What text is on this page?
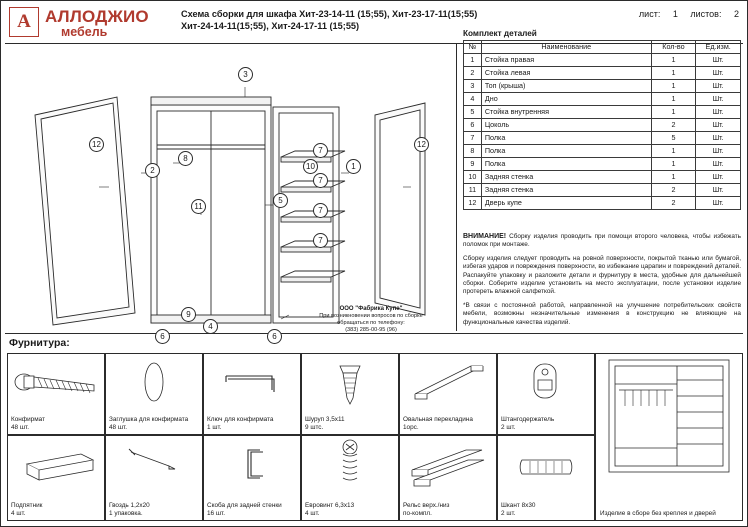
A АЛЛОДЖИО
мебель
Схема сборки для шкафа Хит-23-14-11 (15;55), Хит-23-17-11(15;55)
Хит-24-14-11(15;55), Хит-24-17-11 (15;55)
лист: 1 листов: 2
Комплект деталей
№	Наименование	Кол-во	Ед.изм.
1	Стойка правая	1	Шт.
2	Стойка левая	1	Шт.
3	Топ (крыша)	1	Шт.
4	Дно	1	Шт.
5	Стойка внутренняя	1	Шт.
6	Цоколь	2	Шт.
7	Полка	5	Шт.
8	Полка	1	Шт.
9	Полка	1	Шт.
10	Задняя стенка	1	Шт.
11	Задняя стенка	2	Шт.
12	Дверь купе	2	Шт.

ВНИМАНИЕ! Сборку изделия проводить при помощи второго человека, чтобы избежать поломок при монтаже.

Сборку изделия следует проводить на ровной поверхности, покрытой тканью или бумагой, избегая ударов и повреждения поверхности, во избежание царапин и повреждений деталей. Распакуйте упаковку и разложите детали и фурнитуру в места, удобные для дальнейшей сборки. Соберите изделие установить на место эксплуатации, после установки изделие протереть влажной салфеткой.

*В связи с постоянной работой, направленной на улучшение потребительских свойств мебели, возможны незначительные изменения в конструкцию не влияющие на функциональные качества изделий.

3
1
2
8
10
5
11
9
4
6	6
7
7
7
7
12	12
ООО "Фабрика Купе"
При возникновении вопросов по сборке
обращаться по телефону:
(383) 285-00-95 (96)
Фурнитура:
Конфирмат
48 шт.
Заглушка для конфирмата
48 шт.
Ключ для конфирмата
1 шт.
Шуруп 3,5х11
9 штс.
Овальная перекладина
1орс.
Штангодержатель
2 шт.
Подпятник
4 шт.
Гвоздь 1,2х20
1 упаковка.
Скоба для задней стенки
16 шт.
Евровинт 6,3х13
4 шт.
Рельс верх./низ
по-компл.
Шкант 8х30
2 шт.	Изделие в сборе без креплея и дверей
